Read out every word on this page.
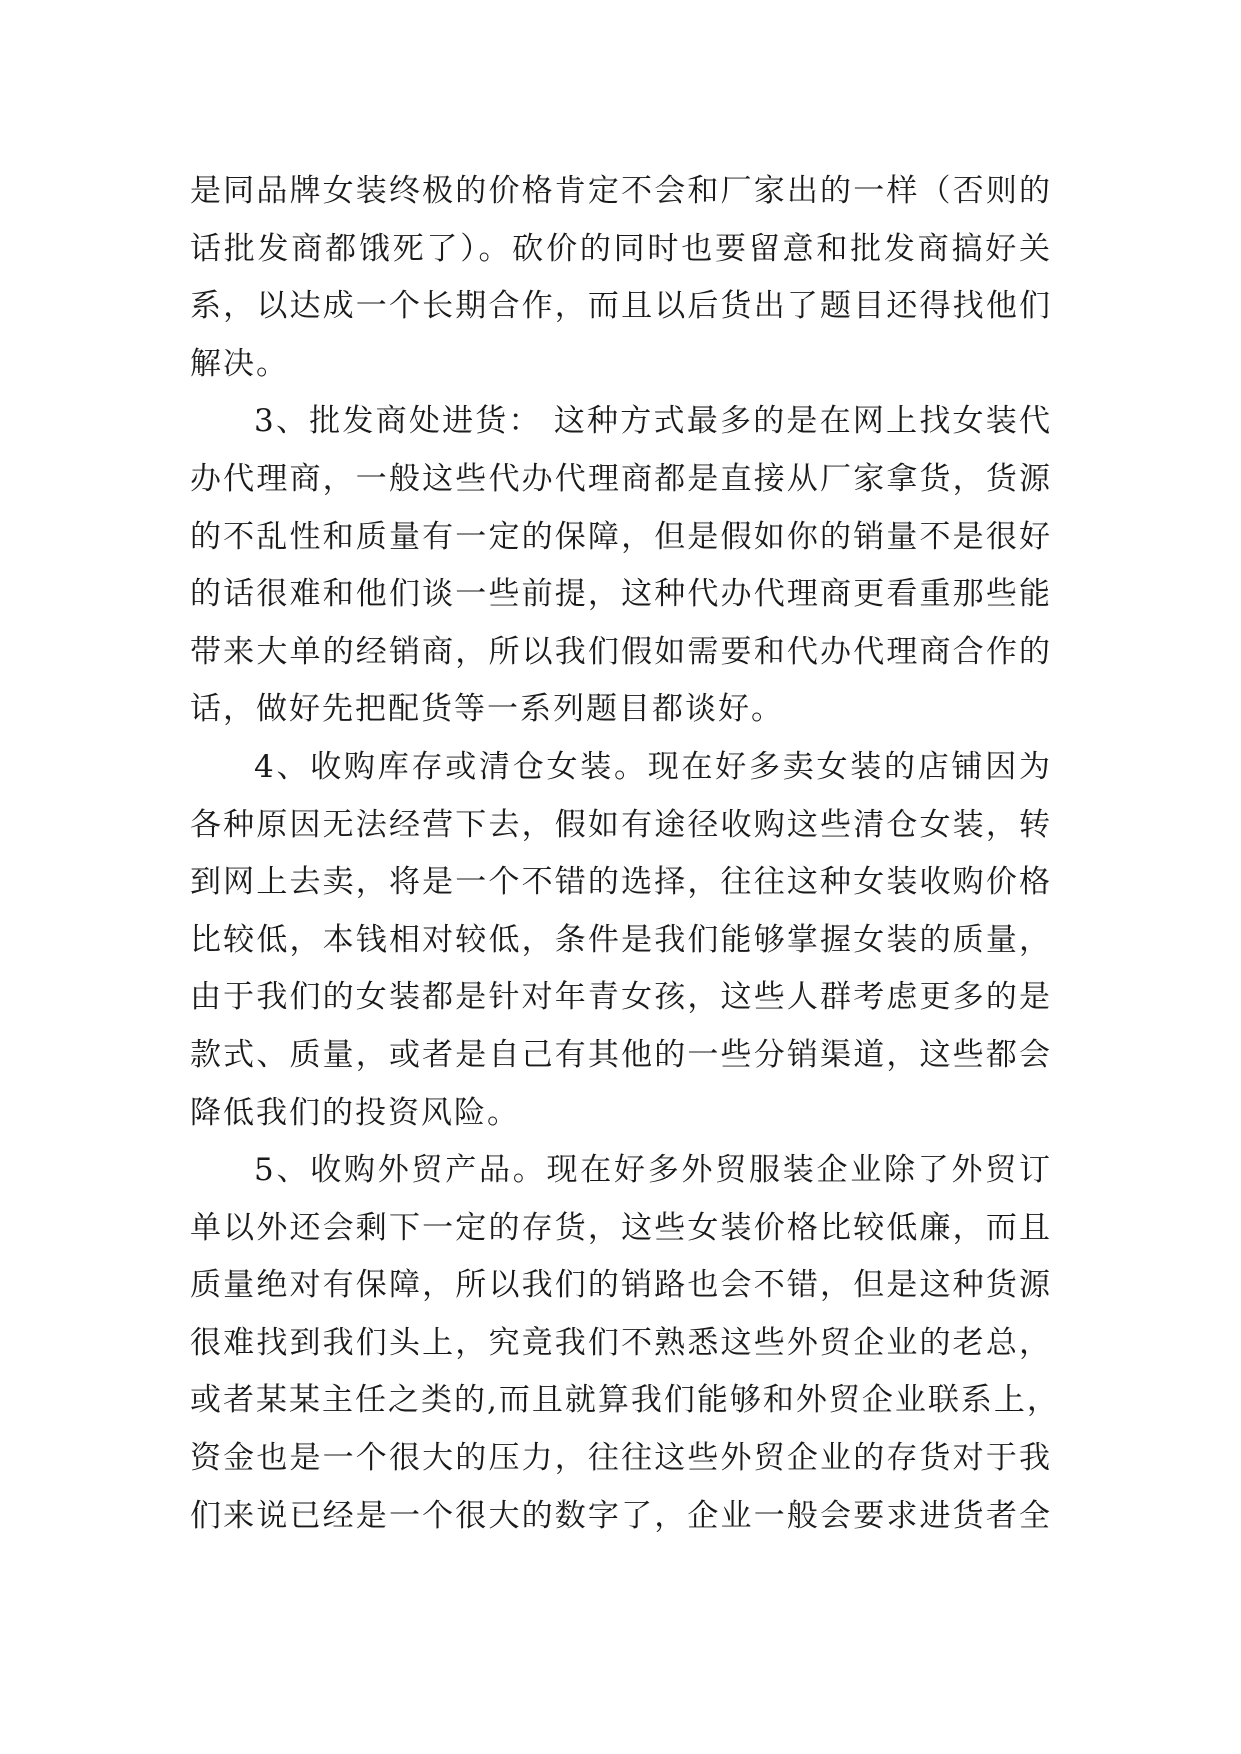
是同品牌女装终极的价格肯定不会和厂家出的一样（否则的
话批发商都饿死了）。砍价的同时也要留意和批发商搞好关
系，以达成一个长期合作，而且以后货出了题目还得找他们
解决。
3、批发商处进货： 这种方式最多的是在网上找女装代
办代理商，一般这些代办代理商都是直接从厂家拿货，货源
的不乱性和质量有一定的保障，但是假如你的销量不是很好
的话很难和他们谈一些前提，这种代办代理商更看重那些能
带来大单的经销商，所以我们假如需要和代办代理商合作的
话，做好先把配货等一系列题目都谈好。
4、收购库存或清仓女装。现在好多卖女装的店铺因为
各种原因无法经营下去，假如有途径收购这些清仓女装，转
到网上去卖，将是一个不错的选择，往往这种女装收购价格
比较低，本钱相对较低，条件是我们能够掌握女装的质量，
由于我们的女装都是针对年青女孩，这些人群考虑更多的是
款式、质量，或者是自己有其他的一些分销渠道，这些都会
降低我们的投资风险。
5、收购外贸产品。现在好多外贸服装企业除了外贸订
单以外还会剩下一定的存货，这些女装价格比较低廉，而且
质量绝对有保障，所以我们的销路也会不错，但是这种货源
很难找到我们头上，究竟我们不熟悉这些外贸企业的老总，
或者某某主任之类的,而且就算我们能够和外贸企业联系上，
资金也是一个很大的压力，往往这些外贸企业的存货对于我
们来说已经是一个很大的数字了，企业一般会要求进货者全
